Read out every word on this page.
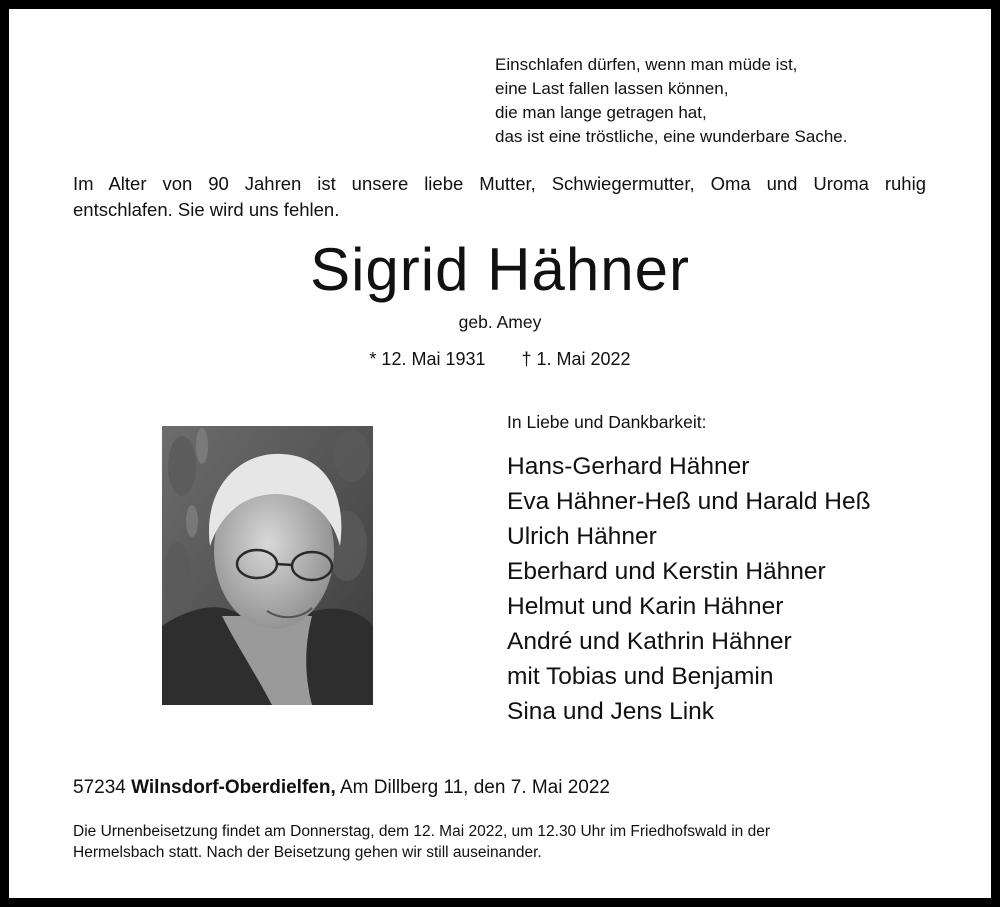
Einschlafen dürfen, wenn man müde ist,
eine Last fallen lassen können,
die man lange getragen hat,
das ist eine tröstliche, eine wunderbare Sache.
Im Alter von 90 Jahren ist unsere liebe Mutter, Schwiegermutter, Oma und Uroma ruhig
entschlafen. Sie wird uns fehlen.
Sigrid Hähner
geb. Amey
* 12. Mai 1931 † 1. Mai 2022
In Liebe und Dankbarkeit:
Hans-Gerhard Hähner
Eva Hähner-Heß und Harald Heß
Ulrich Hähner
Eberhard und Kerstin Hähner
Helmut und Karin Hähner
André und Kathrin Hähner
mit Tobias und Benjamin
Sina und Jens Link
57234 Wilnsdorf-Oberdielfen, Am Dillberg 11, den 7. Mai 2022
Die Urnenbeisetzung findet am Donnerstag, dem 12. Mai 2022, um 12.30 Uhr im Friedhofswald in der
Hermelsbach statt. Nach der Beisetzung gehen wir still auseinander.
